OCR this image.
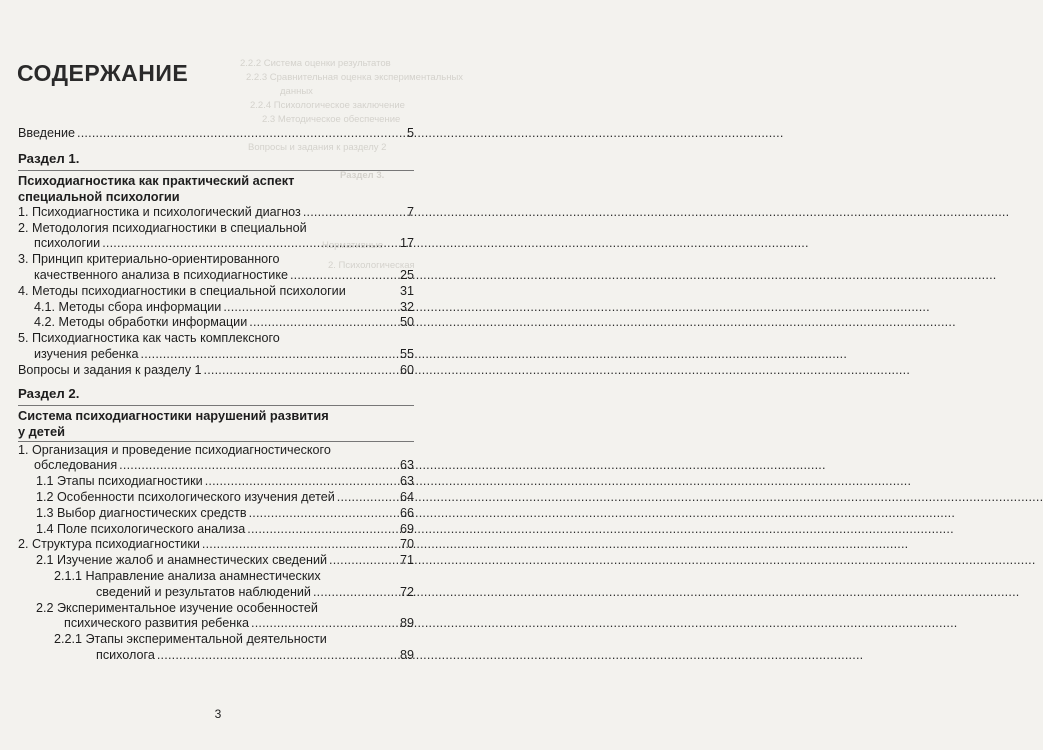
2.2.2 Система оценки результатов
2.2.3 Сравнительная оценка экспериментальных
данных
2.2.4 Психологическое заключение
2.3 Методическое обеспечение
Вопросы и задания к разделу 2
Раздел 3.
Нормативные
2. Психологическая
СОДЕРЖАНИЕ
Введение .....	5
Раздел 1.
Психодиагностика как практический аспект
специальной психологии
1. Психодиагностика и психологический диагноз .....	7
2. Методология психодиагностики в специальной
психологии .....	17
3. Принцип критериально-ориентированного
качественного анализа в психодиагностике .....	25
4. Методы психодиагностики в специальной психологии	31
4.1. Методы сбора информации .....	32
4.2. Методы обработки информации .....	50
5. Психодиагностика как часть комплексного
изучения ребенка .....	55
Вопросы и задания к разделу 1 .....	60
Раздел 2.
Система психодиагностики нарушений развития
у детей
1. Организация и проведение психодиагностического
обследования .....	63
1.1 Этапы психодиагностики .....	63
1.2 Особенности психологического изучения детей .....	64
1.3 Выбор диагностических средств .....	66
1.4 Поле психологического анализа .....	69
2. Структура психодиагностики .....	70
2.1 Изучение жалоб и анамнестических сведений .....	71
2.1.1 Направление анализа анамнестических
сведений и результатов наблюдений .....	72
2.2 Экспериментальное изучение особенностей
психического развития ребенка .....	89
2.2.1 Этапы экспериментальной деятельности
психолога .....	89
3
